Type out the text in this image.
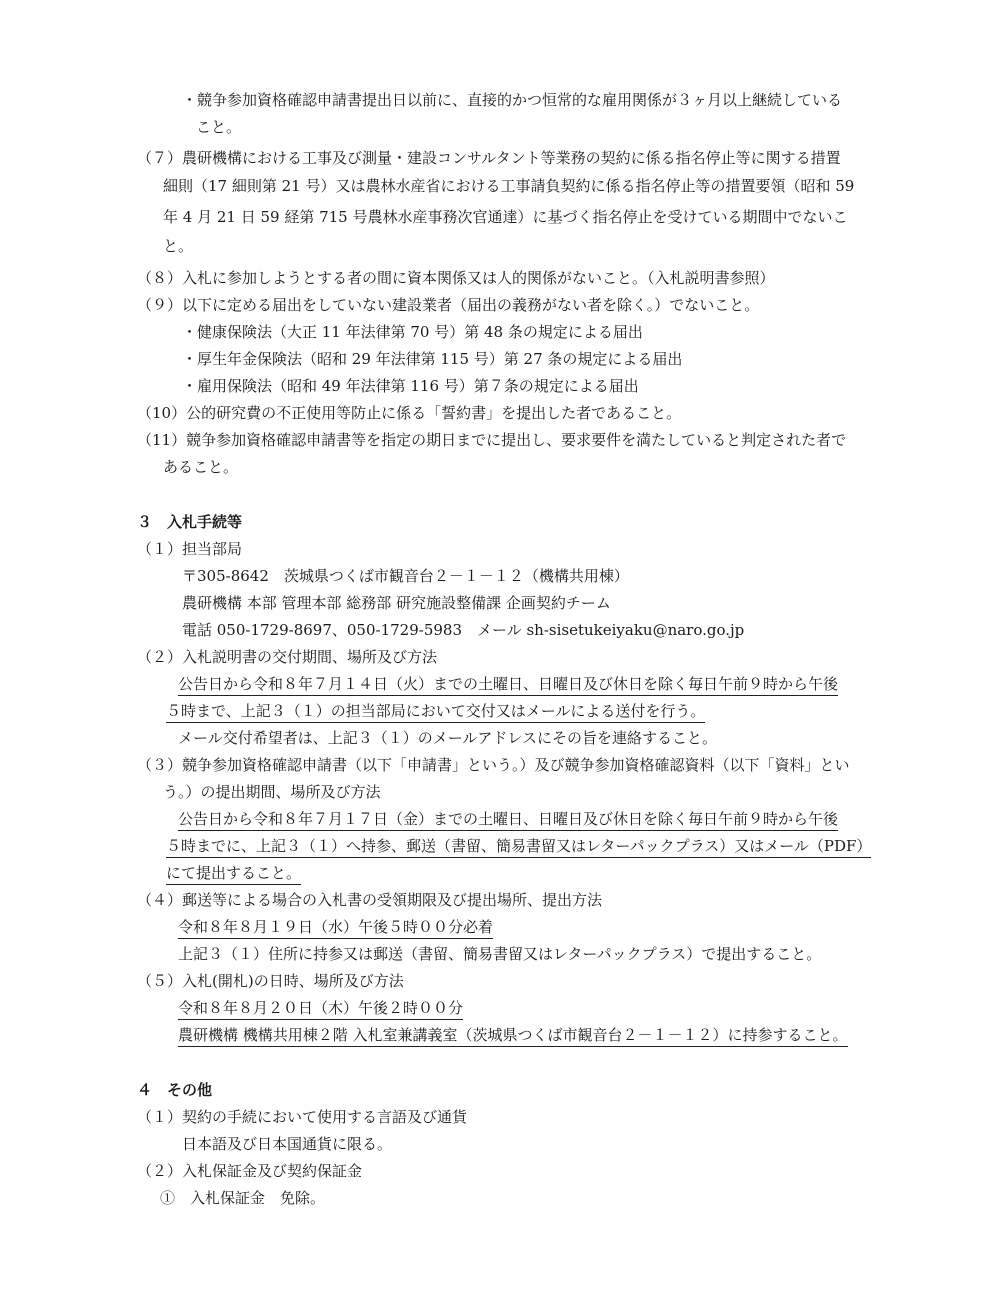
・競争参加資格確認申請書提出日以前に、直接的かつ恒常的な雇用関係が３ヶ月以上継続している
こと。
（７）農研機構における工事及び測量・建設コンサルタント等業務の契約に係る指名停止等に関する措置
細則（17 細則第 21 号）又は農林水産省における工事請負契約に係る指名停止等の措置要領（昭和 59
年 4 月 21 日 59 経第 715 号農林水産事務次官通達）に基づく指名停止を受けている期間中でないこ
と。
（８）入札に参加しようとする者の間に資本関係又は人的関係がないこと。（入札説明書参照）
（９）以下に定める届出をしていない建設業者（届出の義務がない者を除く。）でないこと。
・健康保険法（大正 11 年法律第 70 号）第 48 条の規定による届出
・厚生年金保険法（昭和 29 年法律第 115 号）第 27 条の規定による届出
・雇用保険法（昭和 49 年法律第 116 号）第７条の規定による届出
（10）公的研究費の不正使用等防止に係る「誓約書」を提出した者であること。
（11）競争参加資格確認申請書等を指定の期日までに提出し、要求要件を満たしていると判定された者で
あること。
３　入札手続等
（１）担当部局
〒305-8642　茨城県つくば市観音台２－１－１２（機構共用棟）
農研機構 本部 管理本部 総務部 研究施設整備課 企画契約チーム
電話 050-1729-8697、050-1729-5983　メール sh-sisetukeiyaku@naro.go.jp
（２）入札説明書の交付期間、場所及び方法
公告日から令和８年７月１４日（火）までの土曜日、日曜日及び休日を除く毎日午前９時から午後
５時まで、上記３（１）の担当部局において交付又はメールによる送付を行う。
メール交付希望者は、上記３（１）のメールアドレスにその旨を連絡すること。
（３）競争参加資格確認申請書（以下「申請書」という。）及び競争参加資格確認資料（以下「資料」とい
う。）の提出期間、場所及び方法
公告日から令和８年７月１７日（金）までの土曜日、日曜日及び休日を除く毎日午前９時から午後
５時までに、上記３（１）へ持参、郵送（書留、簡易書留又はレターパックプラス）又はメール（PDF）
にて提出すること。
（４）郵送等による場合の入札書の受領期限及び提出場所、提出方法
令和８年８月１９日（水）午後５時００分必着
上記３（１）住所に持参又は郵送（書留、簡易書留又はレターパックプラス）で提出すること。
（５）入札(開札)の日時、場所及び方法
令和８年８月２０日（木）午後２時００分
農研機構 機構共用棟２階 入札室兼講義室（茨城県つくば市観音台２－１－１２）に持参すること。
４　その他
（１）契約の手続において使用する言語及び通貨
日本語及び日本国通貨に限る。
（２）入札保証金及び契約保証金
①　入札保証金　免除。
